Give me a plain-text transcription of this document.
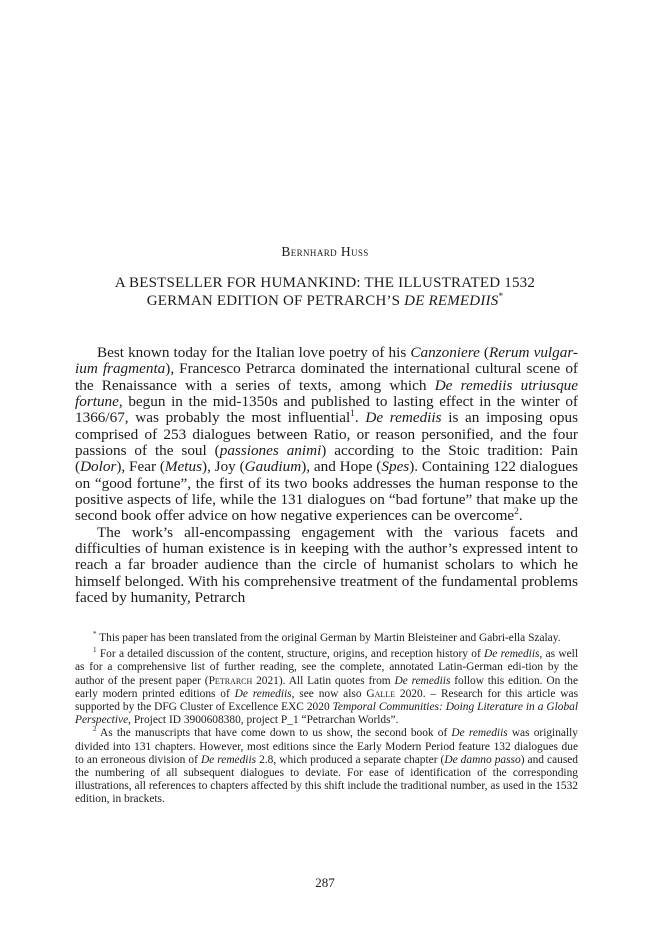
Bernhard Huss
A BESTSELLER FOR HUMANKIND: THE ILLUSTRATED 1532
GERMAN EDITION OF PETRARCH’S DE REMEDIIS*

Best known today for the Italian love poetry of his Canzoniere (Rerum vulgar-ium fragmenta), Francesco Petrarca dominated the international cultural scene of the Renaissance with a series of texts, among which De remediis utriusque fortune, begun in the mid-1350s and published to lasting effect in the winter of 1366/67, was probably the most influential$^1$. De remediis is an imposing opus comprised of 253 dialogues between Ratio, or reason personified, and the four passions of the soul (passiones animi) according to the Stoic tradition: Pain (Dolor), Fear (Metus), Joy (Gaudium), and Hope (Spes). Containing 122 dialogues on “good fortune”, the first of its two books addresses the human response to the positive aspects of life, while the 131 dialogues on “bad fortune” that make up the second book offer advice on how negative experiences can be overcome$^2$.

The work’s all-encompassing engagement with the various facets and difficulties of human existence is in keeping with the author’s expressed intent to reach a far broader audience than the circle of humanist scholars to which he himself belonged. With his comprehensive treatment of the fundamental problems faced by humanity, Petrarch

* This paper has been translated from the original German by Martin Bleisteiner and Gabri-ella Szalay.

$^1$ For a detailed discussion of the content, structure, origins, and reception history of De remediis, as well as for a comprehensive list of further reading, see the complete, annotated Latin-German edi-tion by the author of the present paper (Petrarch 2021). All Latin quotes from De remediis follow this edition. On the early modern printed editions of De remediis, see now also Galle 2020. – Research for this article was supported by the DFG Cluster of Excellence EXC 2020 Temporal Communities: Doing Literature in a Global Perspective, Project ID 3900608380, project P_1 “Petrarchan Worlds”.

$^2$ As the manuscripts that have come down to us show, the second book of De remediis was originally divided into 131 chapters. However, most editions since the Early Modern Period feature 132 dialogues due to an erroneous division of De remediis 2.8, which produced a separate chapter (De damno passo) and caused the numbering of all subsequent dialogues to deviate. For ease of identification of the corresponding illustrations, all references to chapters affected by this shift include the traditional number, as used in the 1532 edition, in brackets.

287
